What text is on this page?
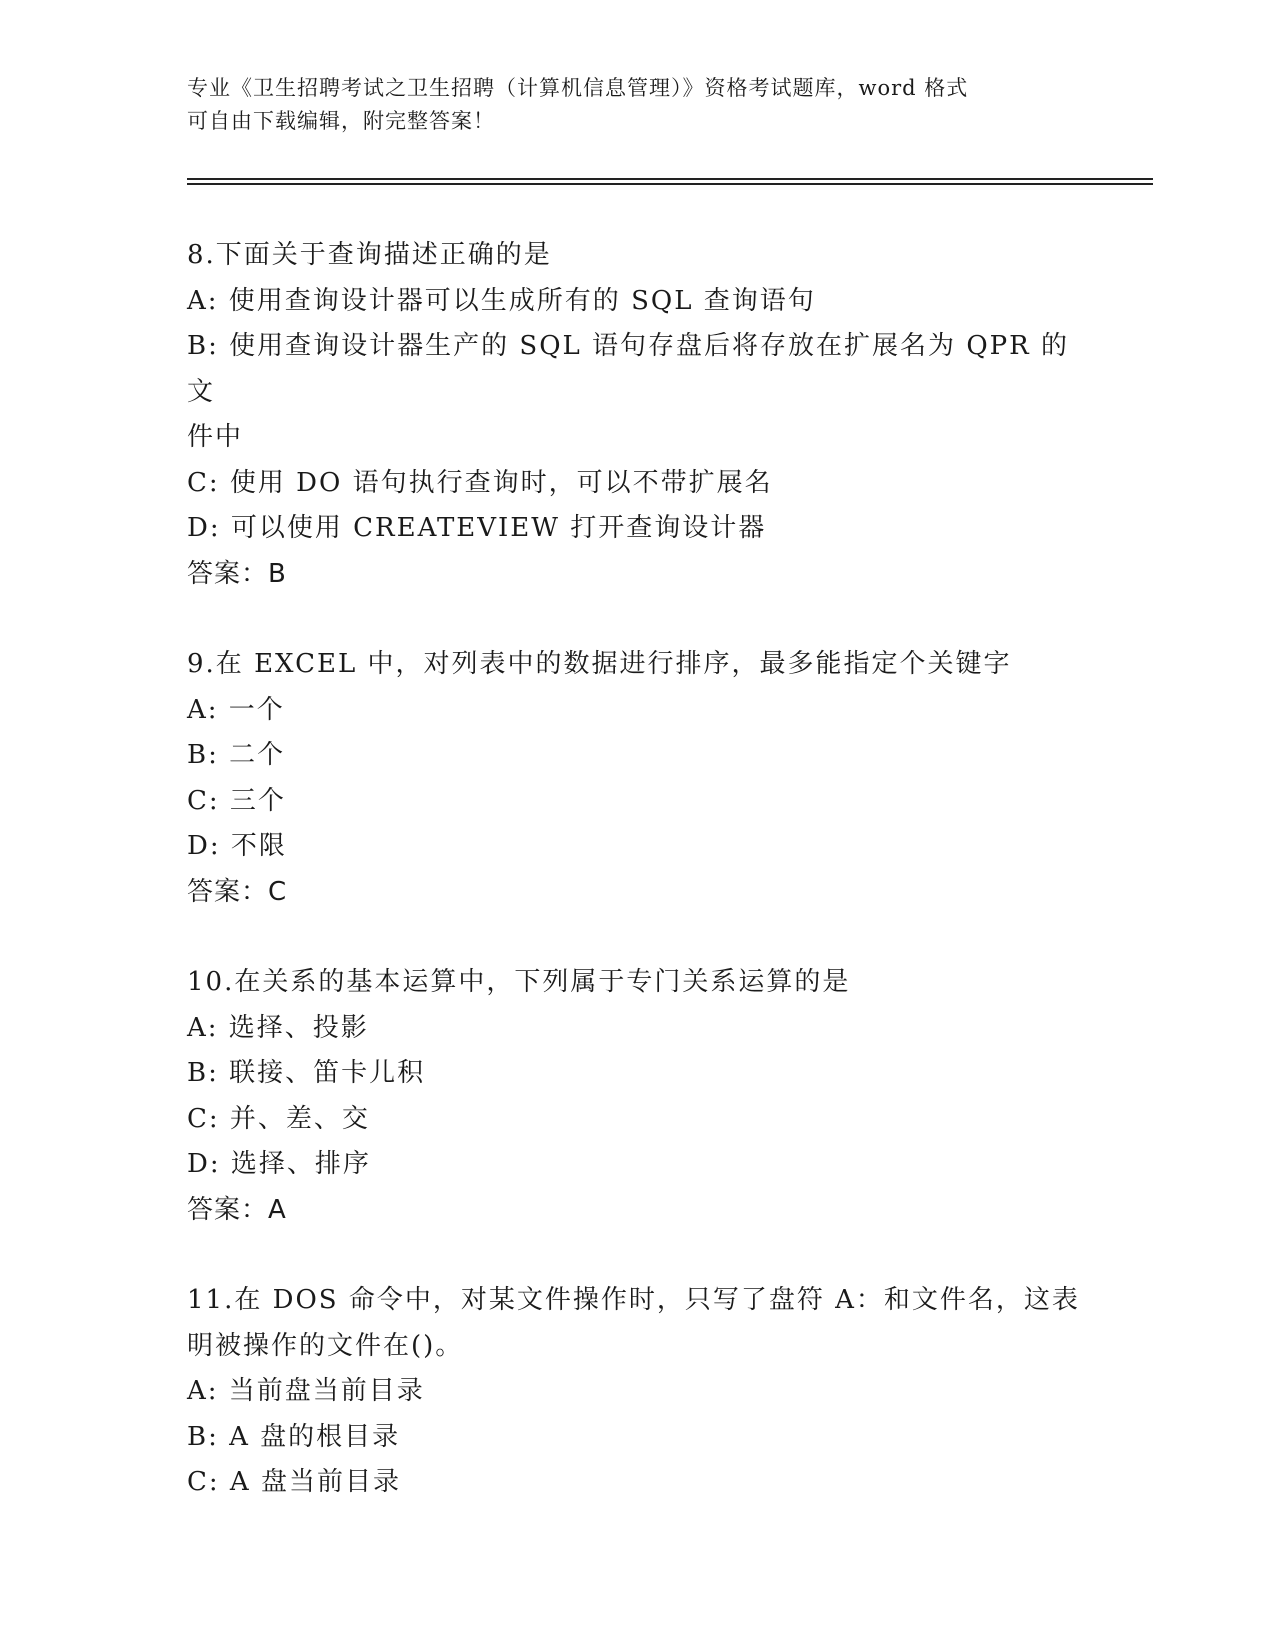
专业《卫生招聘考试之卫生招聘（计算机信息管理）》资格考试题库，word 格式
可自由下载编辑，附完整答案！
8.下面关于查询描述正确的是
A: 使用查询设计器可以生成所有的 SQL 查询语句
B: 使用查询设计器生产的 SQL 语句存盘后将存放在扩展名为 QPR 的文
件中
C: 使用 DO 语句执行查询时，可以不带扩展名
D: 可以使用 CREATEVIEW 打开查询设计器
答案：B
9.在 EXCEL 中，对列表中的数据进行排序，最多能指定个关键字
A: 一个
B: 二个
C: 三个
D: 不限
答案：C
10.在关系的基本运算中，下列属于专门关系运算的是
A: 选择、投影
B: 联接、笛卡儿积
C: 并、差、交
D: 选择、排序
答案：A
11.在 DOS 命令中，对某文件操作时，只写了盘符 A：和文件名，这表
明被操作的文件在()。
A: 当前盘当前目录
B: A 盘的根目录
C: A 盘当前目录
